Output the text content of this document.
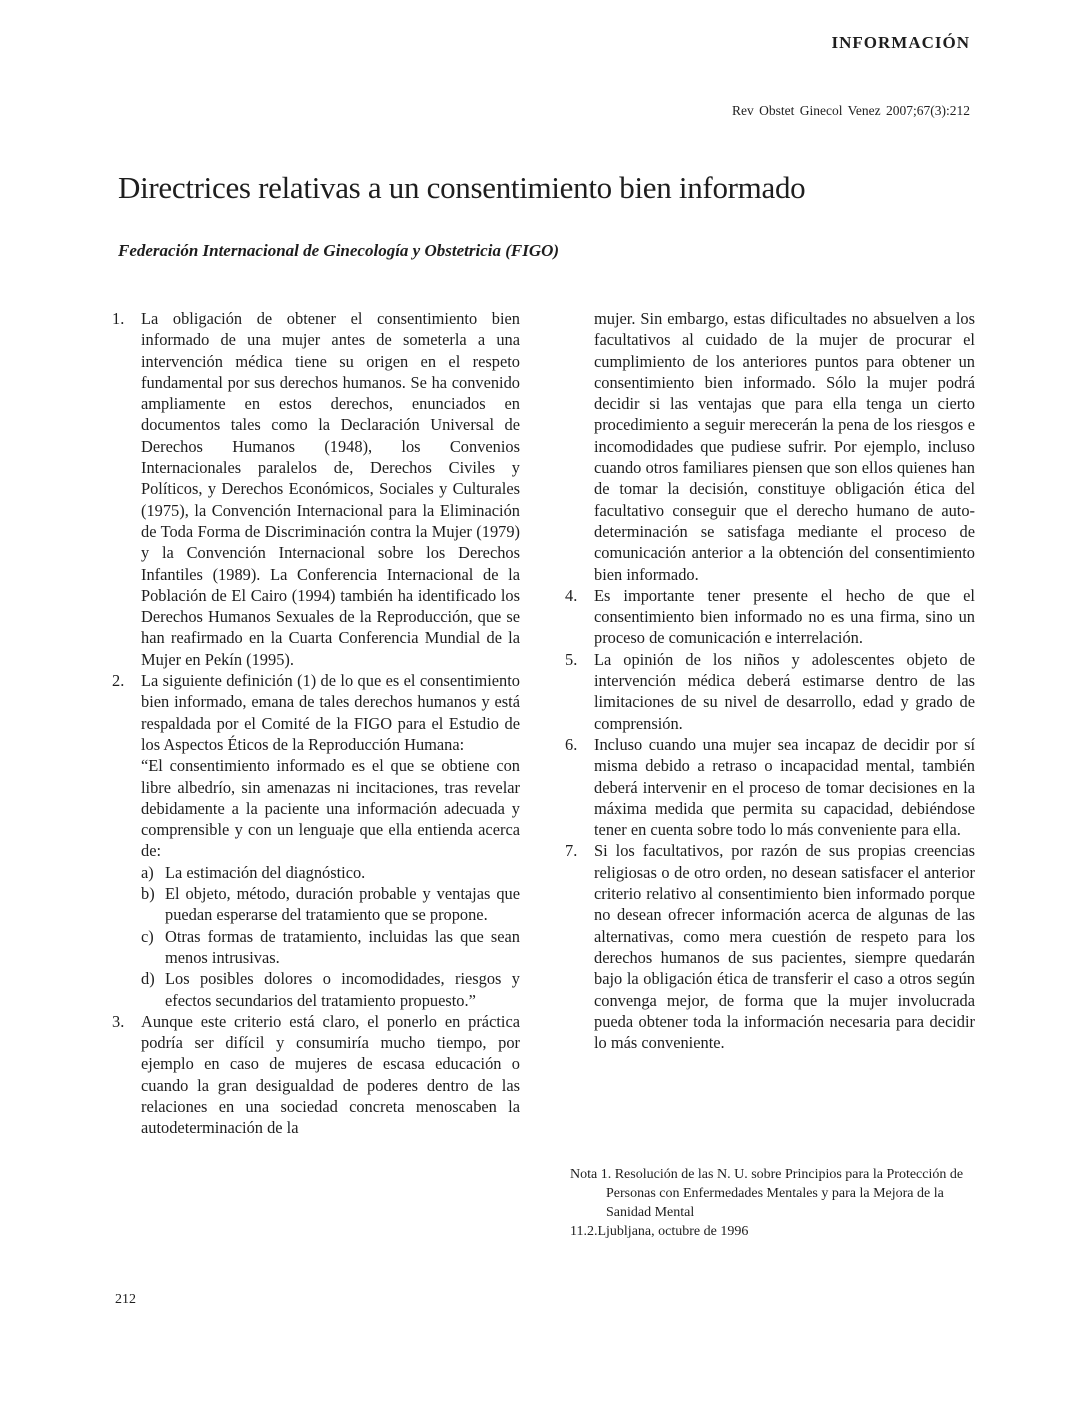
INFORMACIÓN
Rev Obstet Ginecol Venez 2007;67(3):212
Directrices relativas a un consentimiento bien informado
Federación Internacional de Ginecología y Obstetricia (FIGO)
1.	La obligación de obtener el consentimiento bien informado de una mujer antes de someterla a una intervención médica tiene su origen en el respeto fundamental por sus derechos humanos. Se ha convenido ampliamente en estos derechos, enunciados en documentos tales como la Declaración Universal de Derechos Humanos (1948), los Convenios Internacionales paralelos de, Derechos Civiles y Políticos, y Derechos Económicos, Sociales y Culturales (1975), la Convención Internacional para la Eliminación de Toda Forma de Discriminación contra la Mujer (1979) y la Convención Internacional sobre los Derechos Infantiles (1989). La Conferencia Internacional de la Población de El Cairo (1994) también ha identificado los Derechos Humanos Sexuales de la Reproducción, que se han reafirmado en la Cuarta Conferencia Mundial de la Mujer en Pekín (1995).

2.	La siguiente definición (1) de lo que es el consentimiento bien informado, emana de tales derechos humanos y está respaldada por el Comité de la FIGO para el Estudio de los Aspectos Éticos de la Reproducción Humana:

“El consentimiento informado es el que se obtiene con libre albedrío, sin amenazas ni incitaciones, tras revelar debidamente a la paciente una información adecuada y comprensible y con un lenguaje que ella entienda acerca de:

a) La estimación del diagnóstico.
b) El objeto, método, duración probable y ventajas que puedan esperarse del tratamiento que se propone.
c) Otras formas de tratamiento, incluidas las que sean menos intrusivas.
d) Los posibles dolores o incomodidades, riesgos y efectos secundarios del tratamiento propuesto.”
3.	Aunque este criterio está claro, el ponerlo en práctica podría ser difícil y consumiría mucho tiempo, por ejemplo en caso de mujeres de escasa educación o cuando la gran desigualdad de poderes dentro de las relaciones en una sociedad concreta menoscaben la autodeterminación de la

mujer. Sin embargo, estas dificultades no absuelven a los facultativos al cuidado de la mujer de procurar el cumplimiento de los anteriores puntos para obtener un consentimiento bien informado. Sólo la mujer podrá decidir si las ventajas que para ella tenga un cierto procedimiento a seguir merecerán la pena de los riesgos e incomodidades que pudiese sufrir. Por ejemplo, incluso cuando otros familiares piensen que son ellos quienes han de tomar la decisión, constituye obligación ética del facultativo conseguir que el derecho humano de auto-determinación se satisfaga mediante el proceso de comunicación anterior a la obtención del consentimiento bien informado.

4.	Es importante tener presente el hecho de que el consentimiento bien informado no es una firma, sino un proceso de comunicación e interrelación.

5.	La opinión de los niños y adolescentes objeto de intervención médica deberá estimarse dentro de las limitaciones de su nivel de desarrollo, edad y grado de comprensión.

6.	Incluso cuando una mujer sea incapaz de decidir por sí misma debido a retraso o incapacidad mental, también deberá intervenir en el proceso de tomar decisiones en la máxima medida que permita su capacidad, debiéndose tener en cuenta sobre todo lo más conveniente para ella.

7.	Si los facultativos, por razón de sus propias creencias religiosas o de otro orden, no desean satisfacer el anterior criterio relativo al consentimiento bien informado porque no desean ofrecer información acerca de algunas de las alternativas, como mera cuestión de respeto para los derechos humanos de sus pacientes, siempre quedarán bajo la obligación ética de transferir el caso a otros según convenga mejor, de forma que la mujer involucrada pueda obtener toda la información necesaria para decidir lo más conveniente.

Nota 1. Resolución de las N. U. sobre Principios para la Protección de Personas con Enfermedades Mentales y para la Mejora de la Sanidad Mental
11.2.Ljubljana, octubre de 1996
212
